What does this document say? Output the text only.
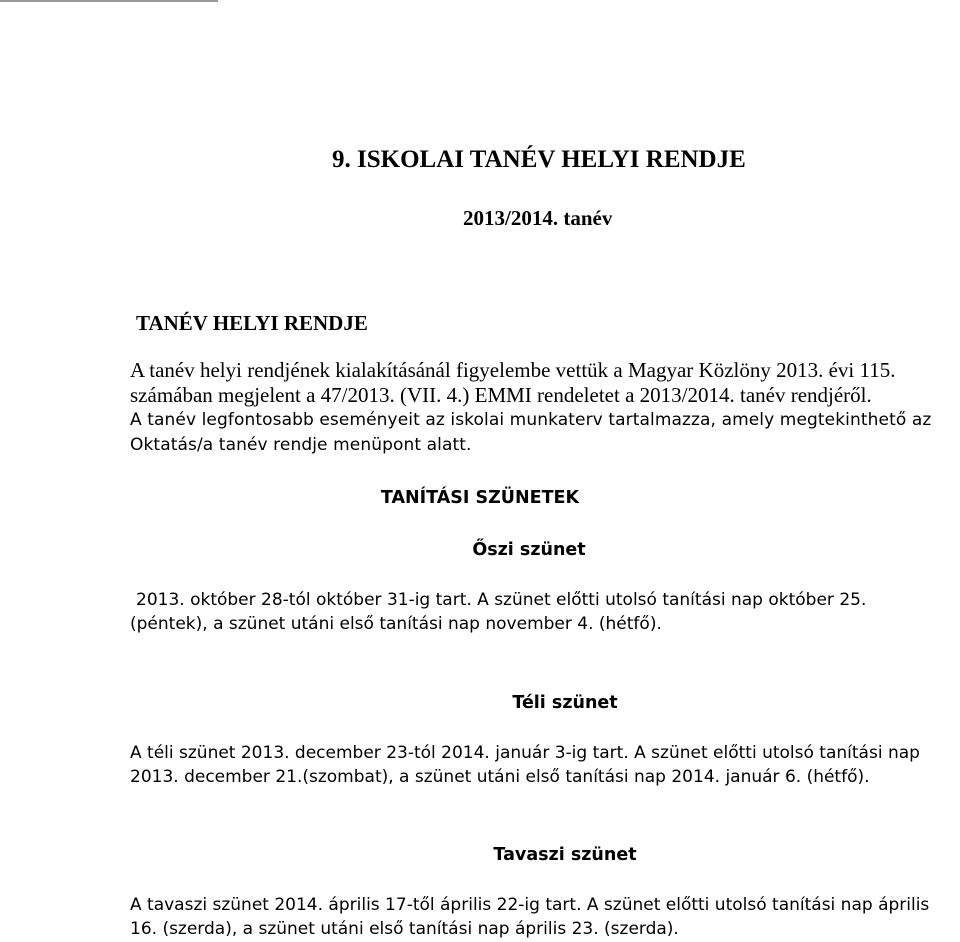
9. ISKOLAI TANÉV HELYI RENDJE
2013/2014. tanév
TANÉV HELYI RENDJE
A tanév helyi rendjének kialakításánál figyelembe vettük a Magyar Közlöny 2013. évi 115.
számában megjelent a 47/2013. (VII. 4.) EMMI rendeletet a 2013/2014. tanév rendjéről.
A tanév legfontosabb eseményeit az iskolai munkaterv tartalmazza, amely megtekinthető az
Oktatás/a tanév rendje menüpont alatt.
TANÍTÁSI SZÜNETEK
Őszi szünet
2013. október 28-tól október 31-ig tart. A szünet előtti utolsó tanítási nap október 25.
(péntek), a szünet utáni első tanítási nap november 4. (hétfő).
Téli szünet
A téli szünet 2013. december 23-tól 2014. január 3-ig tart. A szünet előtti utolsó tanítási nap
2013. december 21.(szombat), a szünet utáni első tanítási nap 2014. január 6. (hétfő).
Tavaszi szünet
A tavaszi szünet 2014. április 17-től április 22-ig tart. A szünet előtti utolsó tanítási nap április
16. (szerda), a szünet utáni első tanítási nap április 23. (szerda).
